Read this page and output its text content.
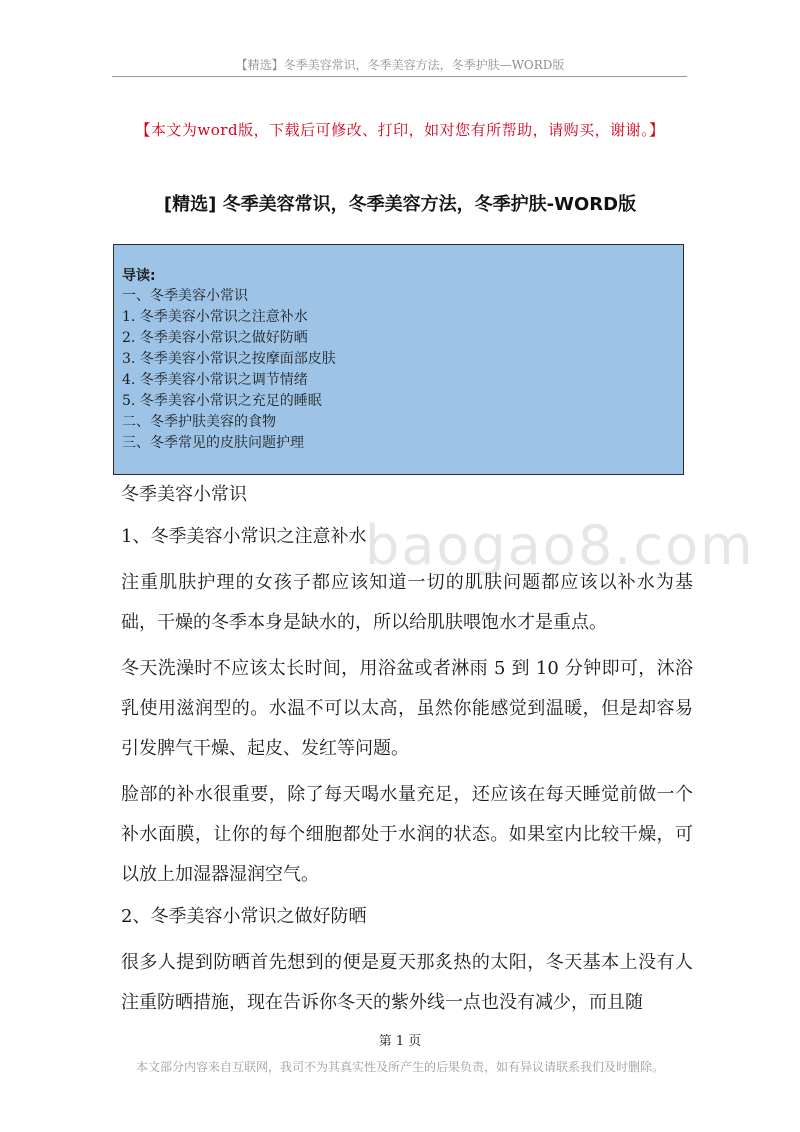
【精选】冬季美容常识，冬季美容方法，冬季护肤—WORD版
【本文为word版，下载后可修改、打印，如对您有所帮助，请购买，谢谢。】
[精选] 冬季美容常识，冬季美容方法，冬季护肤-WORD版
导读:
一、冬季美容小常识
1. 冬季美容小常识之注意补水
2. 冬季美容小常识之做好防晒
3. 冬季美容小常识之按摩面部皮肤
4. 冬季美容小常识之调节情绪
5. 冬季美容小常识之充足的睡眠
二、冬季护肤美容的食物
三、冬季常见的皮肤问题护理
baogao8.com
冬季美容小常识
1、冬季美容小常识之注意补水

注重肌肤护理的女孩子都应该知道一切的肌肤问题都应该以补水为基础，干燥的冬季本身是缺水的，所以给肌肤喂饱水才是重点。

冬天洗澡时不应该太长时间，用浴盆或者淋雨 5 到 10 分钟即可，沐浴乳使用滋润型的。水温不可以太高，虽然你能感觉到温暖，但是却容易引发脾气干燥、起皮、发红等问题。

脸部的补水很重要，除了每天喝水量充足，还应该在每天睡觉前做一个补水面膜，让你的每个细胞都处于水润的状态。如果室内比较干燥，可以放上加湿器湿润空气。

2、冬季美容小常识之做好防晒

很多人提到防晒首先想到的便是夏天那炙热的太阳，冬天基本上没有人注重防晒措施，现在告诉你冬天的紫外线一点也没有减少，而且随

第 1 页
本文部分内容来自互联网，我司不为其真实性及所产生的后果负责，如有异议请联系我们及时删除。
